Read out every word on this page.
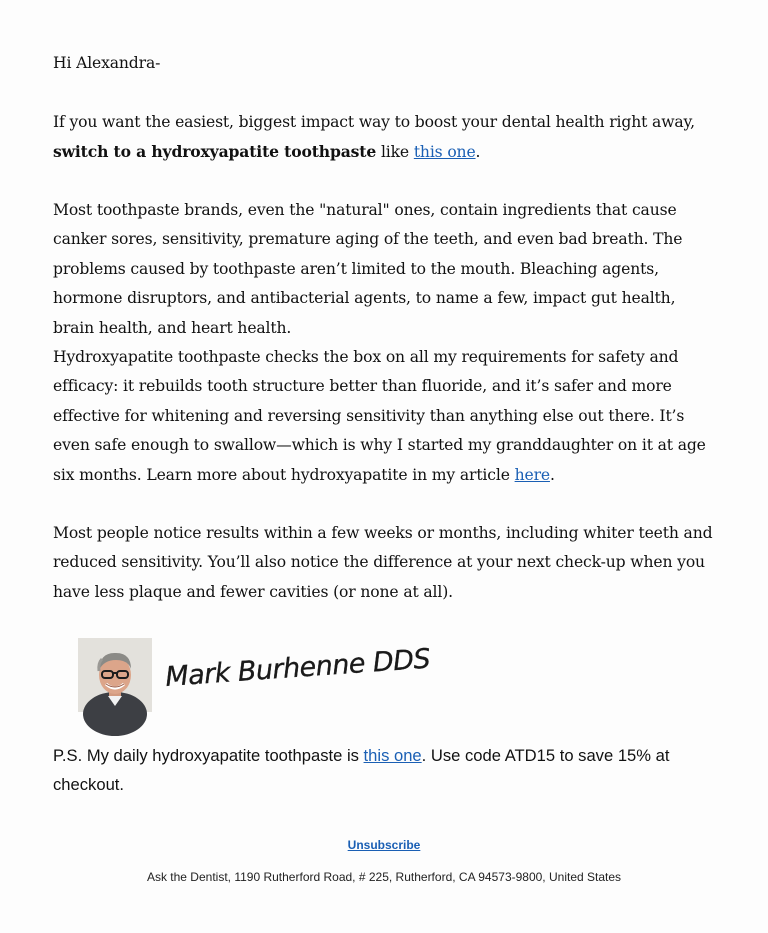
Hi Alexandra-

If you want the easiest, biggest impact way to boost your dental health right away, switch to a hydroxyapatite toothpaste like this one.

Most toothpaste brands, even the "natural" ones, contain ingredients that cause canker sores, sensitivity, premature aging of the teeth, and even bad breath. The problems caused by toothpaste aren’t limited to the mouth. Bleaching agents, hormone disruptors, and antibacterial agents, to name a few, impact gut health, brain health, and heart health.

Hydroxyapatite toothpaste checks the box on all my requirements for safety and efficacy: it rebuilds tooth structure better than fluoride, and it’s safer and more effective for whitening and reversing sensitivity than anything else out there. It’s even safe enough to swallow—which is why I started my granddaughter on it at age six months. Learn more about hydroxyapatite in my article here.

Most people notice results within a few weeks or months, including whiter teeth and reduced sensitivity. You’ll also notice the difference at your next check-up when you have less plaque and fewer cavities (or none at all).

Mark Burhenne DDS

P.S. My daily hydroxyapatite toothpaste is this one. Use code ATD15 to save 15% at checkout.

Unsubscribe
Ask the Dentist, 1190 Rutherford Road, # 225, Rutherford, CA 94573-9800, United States
